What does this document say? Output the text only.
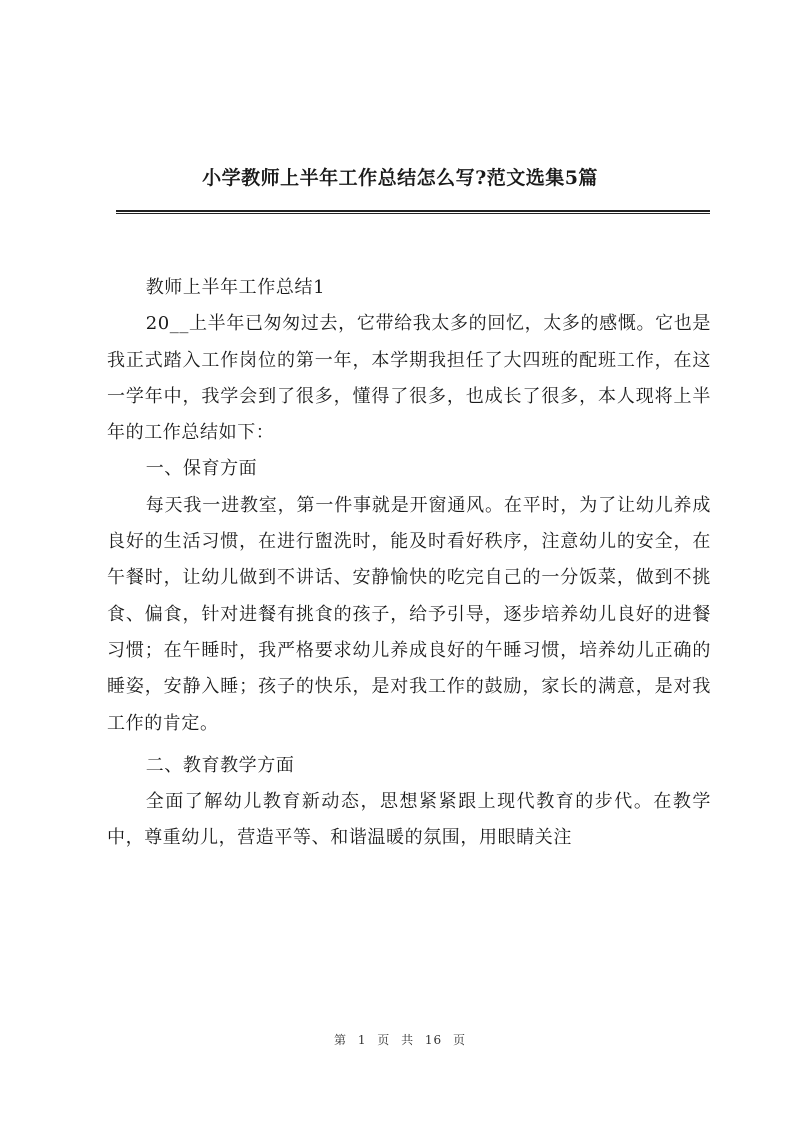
小学教师上半年工作总结怎么写?范文选集5篇

教师上半年工作总结1

20__上半年已匆匆过去，它带给我太多的回忆，太多的感慨。它也是我正式踏入工作岗位的第一年，本学期我担任了大四班的配班工作，在这一学年中，我学会到了很多，懂得了很多，也成长了很多，本人现将上半年的工作总结如下：

一、保育方面

每天我一进教室，第一件事就是开窗通风。在平时，为了让幼儿养成良好的生活习惯，在进行盥洗时，能及时看好秩序，注意幼儿的安全，在午餐时，让幼儿做到不讲话、安静愉快的吃完自己的一分饭菜，做到不挑食、偏食，针对进餐有挑食的孩子，给予引导，逐步培养幼儿良好的进餐习惯；在午睡时，我严格要求幼儿养成良好的午睡习惯，培养幼儿正确的睡姿，安静入睡；孩子的快乐，是对我工作的鼓励，家长的满意，是对我工作的肯定。

二、教育教学方面

全面了解幼儿教育新动态，思想紧紧跟上现代教育的步代。在教学中，尊重幼儿，营造平等、和谐温暖的氛围，用眼睛关注

第 1 页 共 16 页
